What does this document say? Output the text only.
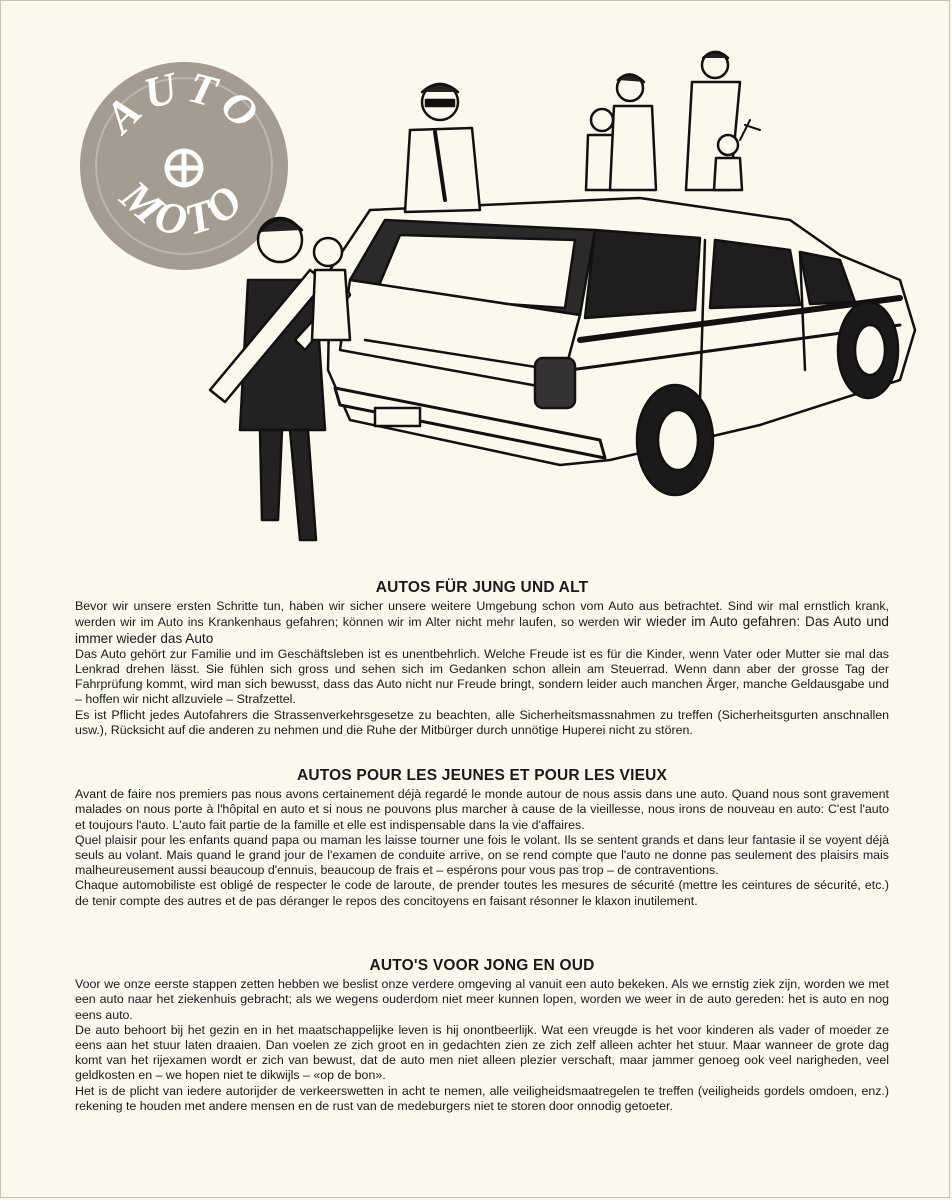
AUTO
MOTO
AUTOS FÜR JUNG UND ALT

Bevor wir unsere ersten Schritte tun, haben wir sicher unsere weitere Umgebung schon vom Auto aus betrachtet. Sind wir mal ernstlich krank, werden wir im Auto ins Krankenhaus gefahren; können wir im Alter nicht mehr laufen, so werden wir wieder im Auto gefahren: Das Auto und immer wieder das Auto

Das Auto gehört zur Familie und im Geschäftsleben ist es unentbehrlich. Welche Freude ist es für die Kinder, wenn Vater oder Mutter sie mal das Lenkrad drehen lässt. Sie fühlen sich gross und sehen sich im Gedanken schon allein am Steuerrad. Wenn dann aber der grosse Tag der Fahrprüfung kommt, wird man sich bewusst, dass das Auto nicht nur Freude bringt, sondern leider auch manchen Ärger, manche Geldausgabe und – hoffen wir nicht allzuviele – Strafzettel.

Es ist Pflicht jedes Autofahrers die Strassenverkehrsgesetze zu beachten, alle Sicherheitsmassnahmen zu treffen (Sicherheitsgurten anschnallen usw.), Rücksicht auf die anderen zu nehmen und die Ruhe der Mitbürger durch unnötige Huperei nicht zu stören.

AUTOS POUR LES JEUNES ET POUR LES VIEUX

Avant de faire nos premiers pas nous avons certainement déjà regardé le monde autour de nous assis dans une auto. Quand nous sont gravement malades on nous porte à l'hôpital en auto et si nous ne pouvons plus marcher à cause de la vieillesse, nous irons de nouveau en auto: C'est l'auto et toujours l'auto. L'auto fait partie de la famille et elle est indispensable dans la vie d'affaires.

Quel plaisir pour les enfants quand papa ou maman les laisse tourner une fois le volant. Ils se sentent grands et dans leur fantasie il se voyent déjà seuls au volant. Mais quand le grand jour de l'examen de conduite arrive, on se rend compte que l'auto ne donne pas seulement des plaisirs mais malheureusement aussi beaucoup d'ennuis, beaucoup de frais et – espérons pour vous pas trop – de contraventions.

Chaque automobiliste est obligé de respecter le code de laroute, de prender toutes les mesures de sécurité (mettre les ceintures de sécurité, etc.) de tenir compte des autres et de pas déranger le repos des concitoyens en faisant résonner le klaxon inutilement.

AUTO'S VOOR JONG EN OUD

Voor we onze eerste stappen zetten hebben we beslist onze verdere omgeving al vanuit een auto bekeken. Als we ernstig ziek zijn, worden we met een auto naar het ziekenhuis gebracht; als we wegens ouderdom niet meer kunnen lopen, worden we weer in de auto gereden: het is auto en nog eens auto.

De auto behoort bij het gezin en in het maatschappelijke leven is hij onontbeerlijk. Wat een vreugde is het voor kinderen als vader of moeder ze eens aan het stuur laten draaien. Dan voelen ze zich groot en in gedachten zien ze zich zelf alleen achter het stuur. Maar wanneer de grote dag komt van het rijexamen wordt er zich van bewust, dat de auto men niet alleen plezier verschaft, maar jammer genoeg ook veel narigheden, veel geldkosten en – we hopen niet te dikwijls – «op de bon».

Het is de plicht van iedere autorijder de verkeerswetten in acht te nemen, alle veiligheidsmaatregelen te treffen (veiligheids gordels omdoen, enz.) rekening te houden met andere mensen en de rust van de medeburgers niet te storen door onnodig getoeter.
